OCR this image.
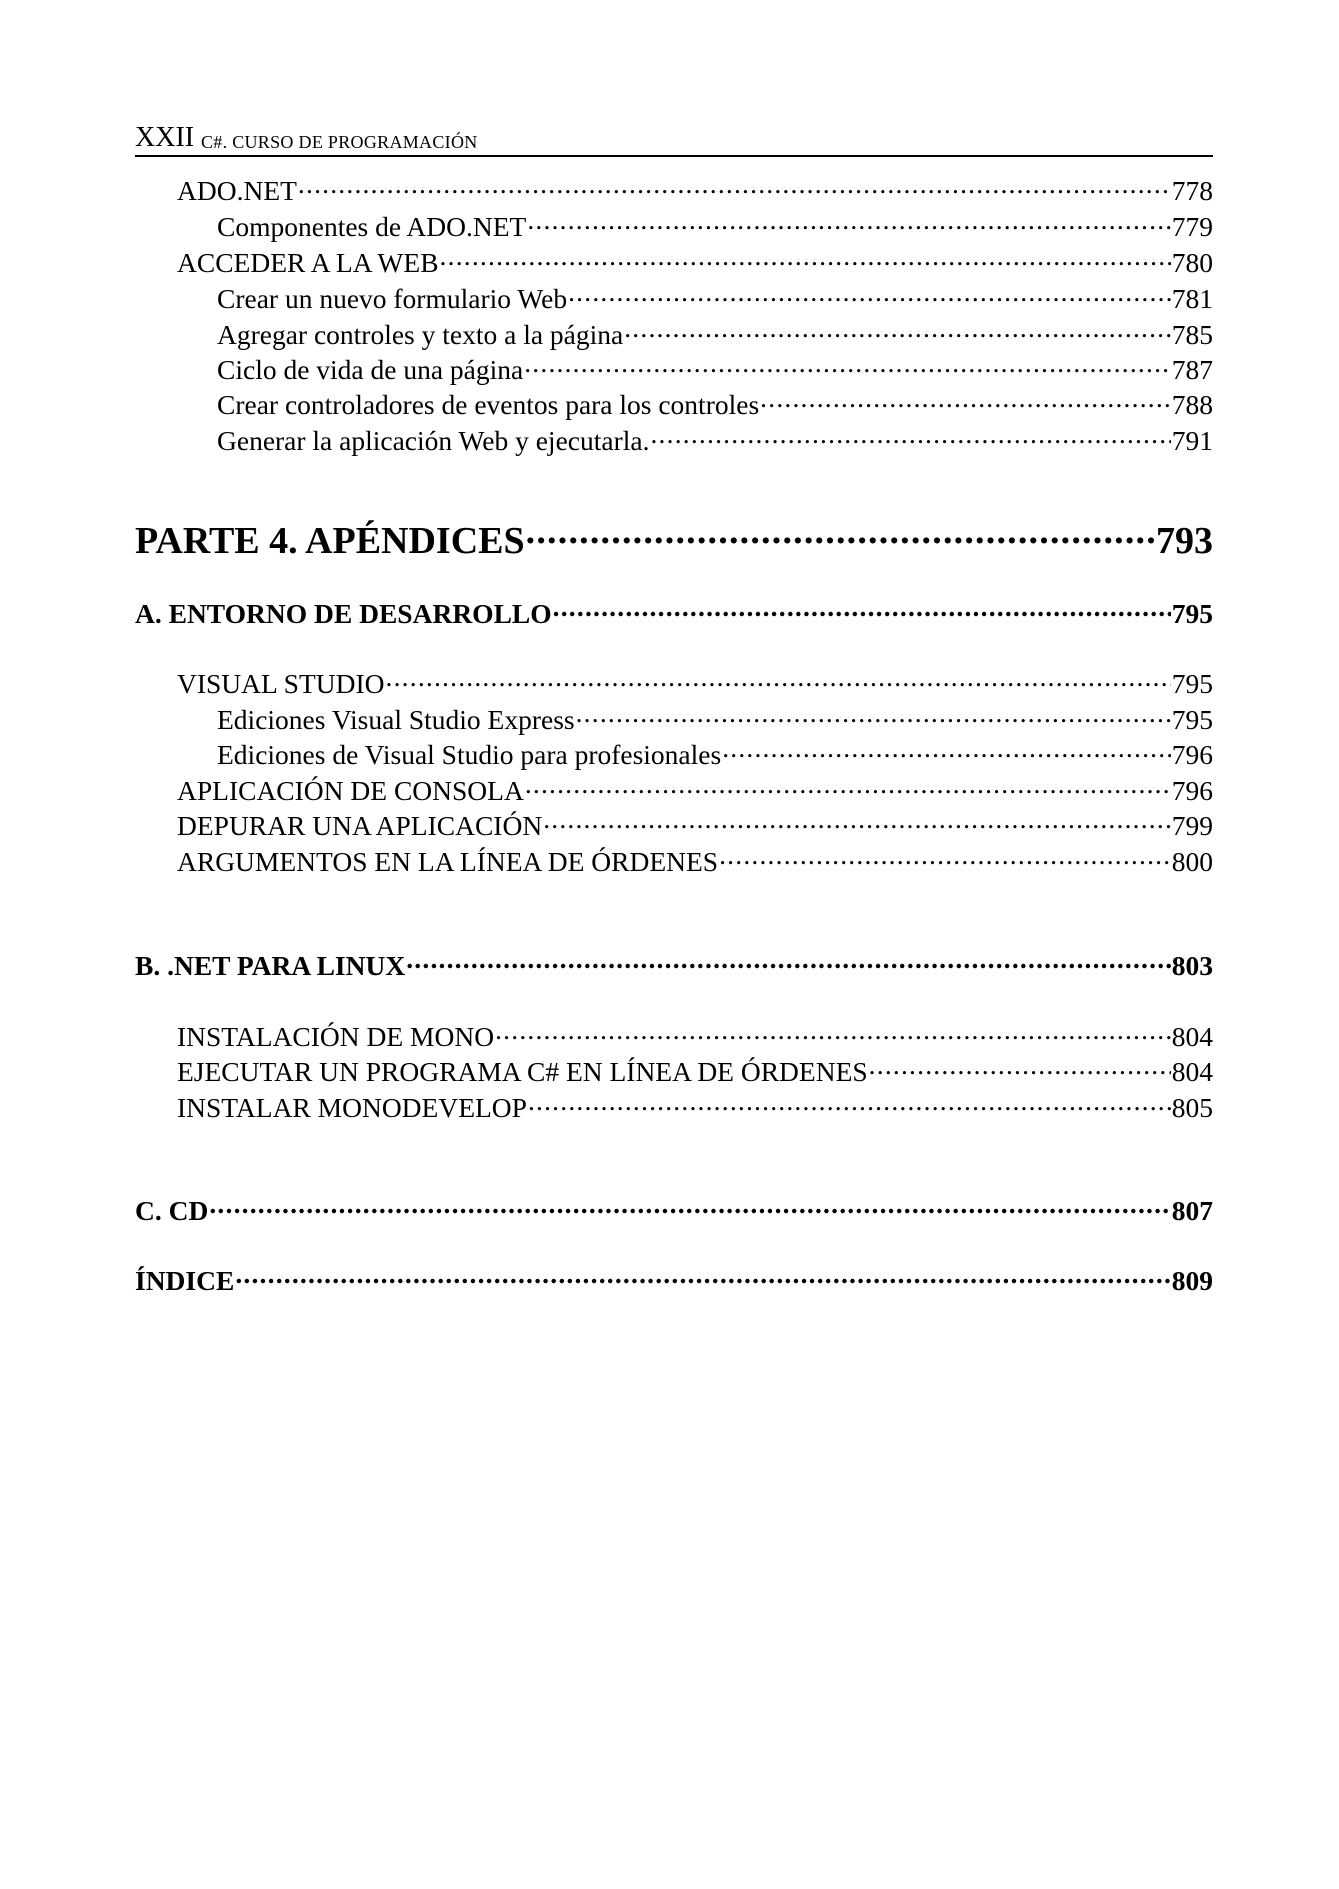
XXII C#. CURSO DE PROGRAMACIÓN
ADO.NET .....	778
Componentes de ADO.NET .....	779
ACCEDER A LA WEB .....	780
Crear un nuevo formulario Web .....	781
Agregar controles y texto a la página .....	785
Ciclo de vida de una página .....	787
Crear controladores de eventos para los controles .....	788
Generar la aplicación Web y ejecutarla. .....	791
PARTE 4. APÉNDICES .....	793
A. ENTORNO DE DESARROLLO .....	795
VISUAL STUDIO .....	795
Ediciones Visual Studio Express .....	795
Ediciones de Visual Studio para profesionales .....	796
APLICACIÓN DE CONSOLA .....	796
DEPURAR UNA APLICACIÓN .....	799
ARGUMENTOS EN LA LÍNEA DE ÓRDENES .....	800
B. .NET PARA LINUX .....	803
INSTALACIÓN DE MONO .....	804
EJECUTAR UN PROGRAMA C# EN LÍNEA DE ÓRDENES .....	804
INSTALAR MONODEVELOP .....	805
C. CD .....	807
ÍNDICE .....	809
